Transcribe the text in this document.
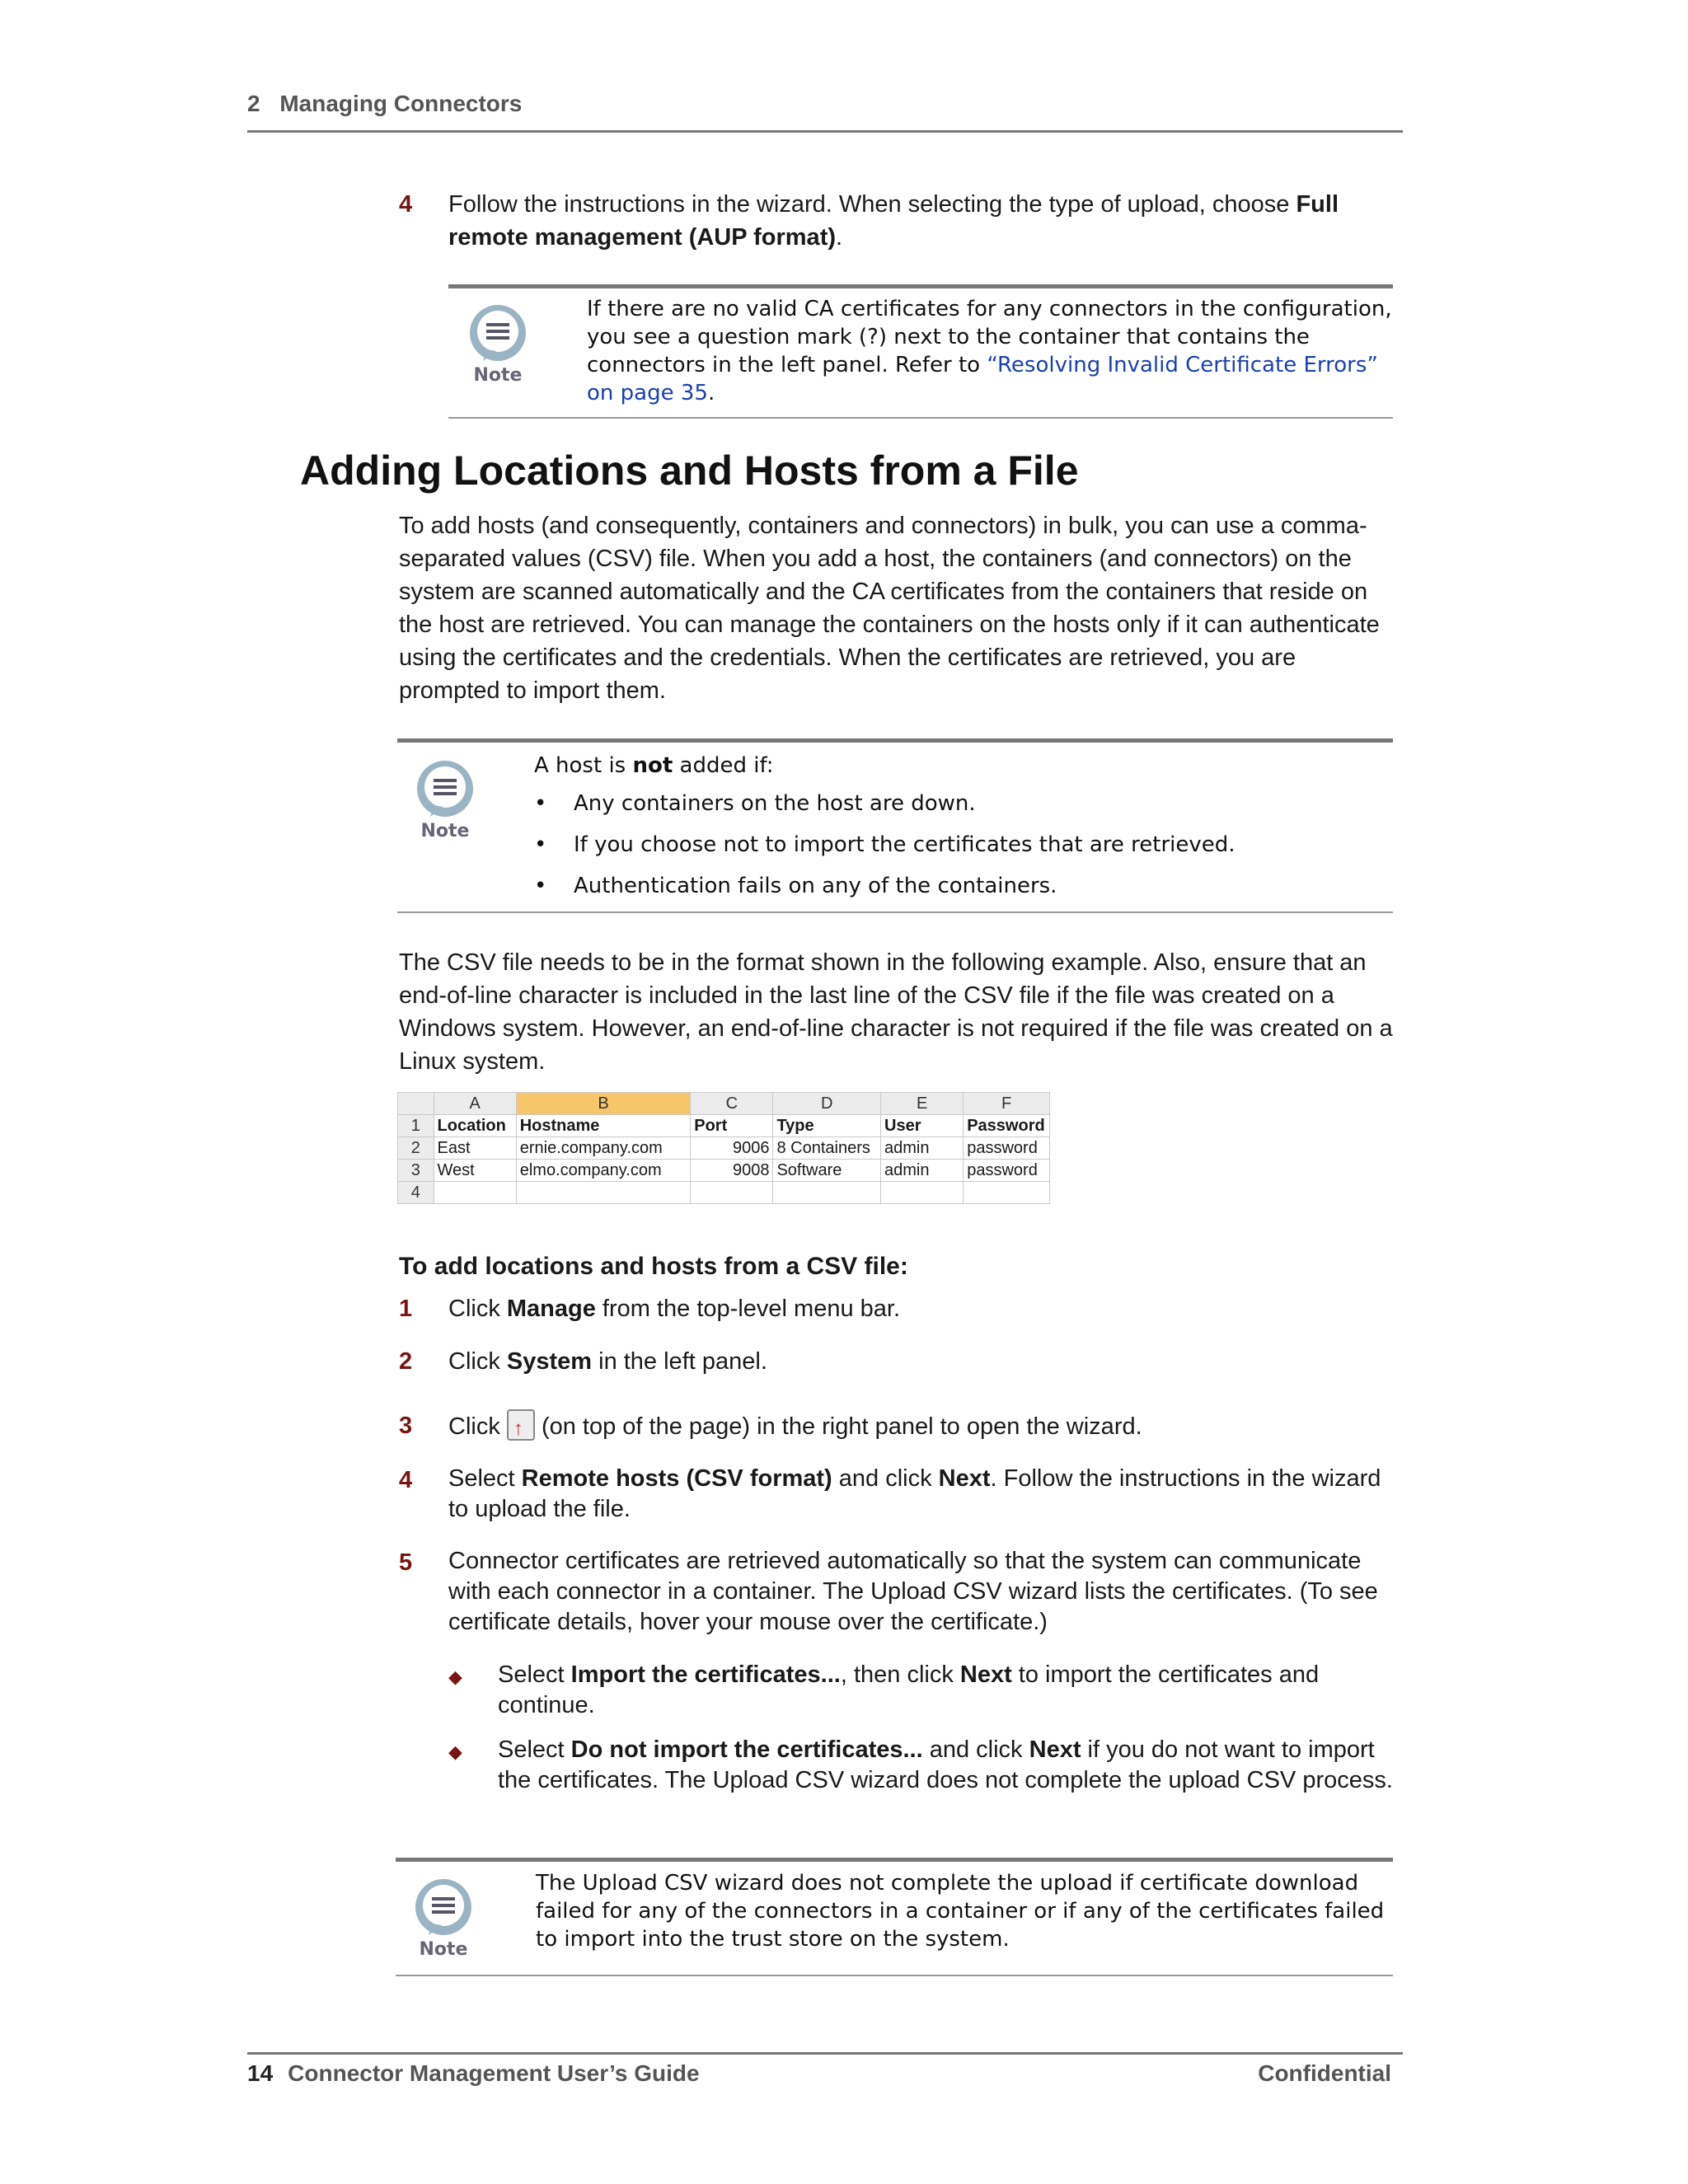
2 Managing Connectors
4 Follow the instructions in the wizard. When selecting the type of upload, choose Full remote management (AUP format).
Note
If there are no valid CA certificates for any connectors in the configuration, you see a question mark (?) next to the container that contains the connectors in the left panel. Refer to “Resolving Invalid Certificate Errors” on page 35.
Adding Locations and Hosts from a File
To add hosts (and consequently, containers and connectors) in bulk, you can use a comma-separated values (CSV) file. When you add a host, the containers (and connectors) on the system are scanned automatically and the CA certificates from the containers that reside on the host are retrieved. You can manage the containers on the hosts only if it can authenticate using the certificates and the credentials. When the certificates are retrieved, you are prompted to import them.
Note
A host is not added if:
• Any containers on the host are down.
• If you choose not to import the certificates that are retrieved.
• Authentication fails on any of the containers.
The CSV file needs to be in the format shown in the following example. Also, ensure that an end-of-line character is included in the last line of the CSV file if the file was created on a Windows system. However, an end-of-line character is not required if the file was created on a Linux system.
	A	B	C	D	E	F
1	Location	Hostname	Port	Type	User	Password
2	East	ernie.company.com	9006	8 Containers	admin	password
3	West	elmo.company.com	9008	Software	admin	password
4						
To add locations and hosts from a CSV file:
1 Click Manage from the top-level menu bar.
2 Click System in the left panel.
3 Click ↑ (on top of the page) in the right panel to open the wizard.
4 Select Remote hosts (CSV format) and click Next. Follow the instructions in the wizard to upload the file.
5 Connector certificates are retrieved automatically so that the system can communicate with each connector in a container. The Upload CSV wizard lists the certificates. (To see certificate details, hover your mouse over the certificate.)
◆ Select Import the certificates..., then click Next to import the certificates and continue.
◆ Select Do not import the certificates... and click Next if you do not want to import the certificates. The Upload CSV wizard does not complete the upload CSV process.
Note
The Upload CSV wizard does not complete the upload if certificate download failed for any of the connectors in a container or if any of the certificates failed to import into the trust store on the system.
14 Connector Management User’s Guide	Confidential
